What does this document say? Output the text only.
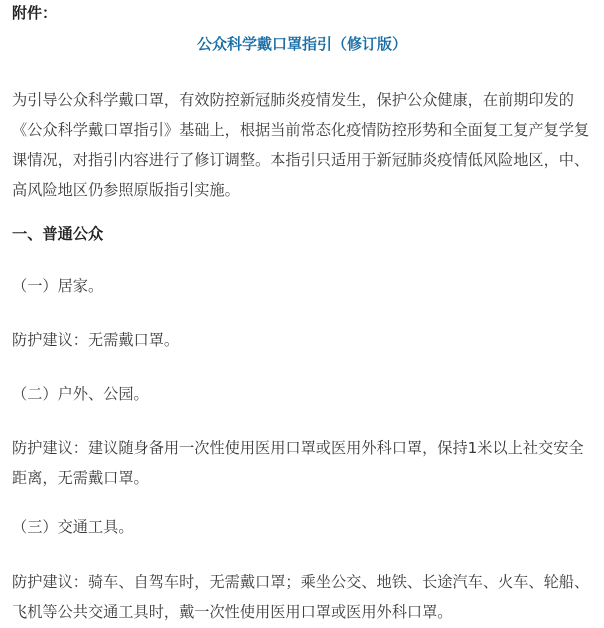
附件：

公众科学戴口罩指引（修订版）

为引导公众科学戴口罩，有效防控新冠肺炎疫情发生，保护公众健康，在前期印发的《公众科学戴口罩指引》基础上，根据当前常态化疫情防控形势和全面复工复产复学复课情况，对指引内容进行了修订调整。本指引只适用于新冠肺炎疫情低风险地区，中、高风险地区仍参照原版指引实施。

一、普通公众

（一）居家。

防护建议：无需戴口罩。

（二）户外、公园。

防护建议：建议随身备用一次性使用医用口罩或医用外科口罩，保持1米以上社交安全距离，无需戴口罩。

（三）交通工具。

防护建议：骑车、自驾车时，无需戴口罩；乘坐公交、地铁、长途汽车、火车、轮船、飞机等公共交通工具时，戴一次性使用医用口罩或医用外科口罩。
